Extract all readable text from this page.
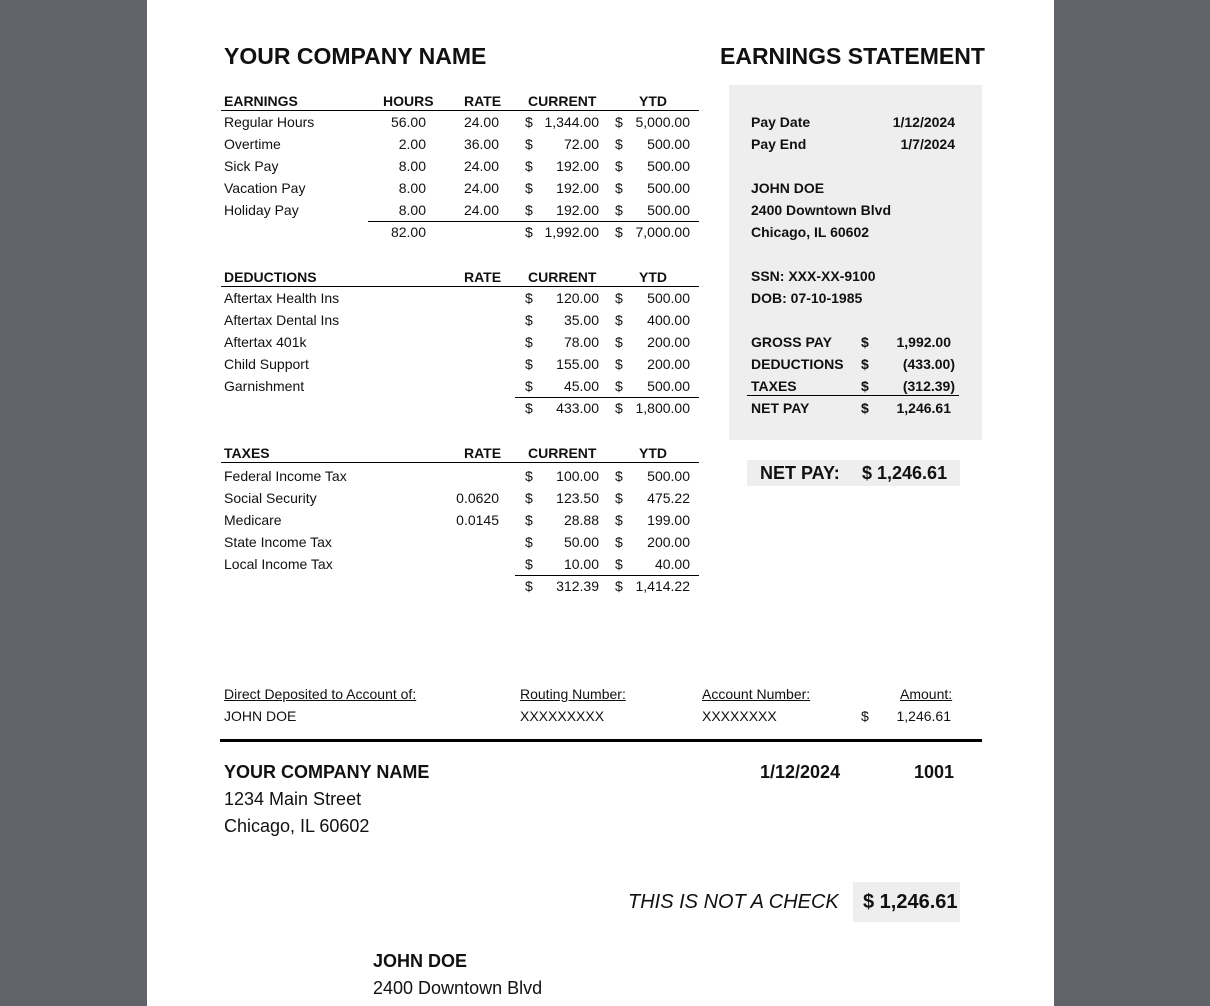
YOUR COMPANY NAME	EARNINGS STATEMENT
EARNINGS	HOURS RATE CURRENT	YTD
Regular Hours	56.00	24.00 $ 1,344.00 $ 5,000.00
Overtime	2.00	36.00 $	72.00 $	500.00
Sick Pay	8.00	24.00 $	192.00 $	500.00
Vacation Pay	8.00	24.00 $	192.00 $	500.00
Holiday Pay	8.00	24.00 $	192.00 $	500.00
82.00	$ 1,992.00 $ 7,000.00
DEDUCTIONS	RATE CURRENT	YTD
Aftertax Health Ins	$	120.00 $	500.00
Aftertax Dental Ins	$	35.00 $	400.00
Aftertax 401k	$	78.00 $	200.00
Child Support	$	155.00 $	200.00
Garnishment	$	45.00 $	500.00
$	433.00 $ 1,800.00
TAXES	RATE CURRENT	YTD
Federal Income Tax	$	100.00 $	500.00
Social Security	0.0620 $	123.50 $	475.22
Medicare	0.0145 $	28.88 $	199.00
State Income Tax	$	50.00 $	200.00
Local Income Tax	$	10.00 $	40.00
$	312.39 $ 1,414.22
Pay Date	1/12/2024
Pay End	1/7/2024
JOHN DOE
2400 Downtown Blvd
Chicago, IL 60602
SSN: XXX-XX-9100
DOB: 07-10-1985
GROSS PAY $	1,992.00
DEDUCTIONS $	(433.00)
TAXES	$	(312.39)
NET PAY	$	1,246.61
NET PAY: $ 1,246.61
Direct Deposited to Account of:	Routing Number:	Account Number:	Amount:
JOHN DOE	XXXXXXXXX	XXXXXXXX	$	1,246.61
YOUR COMPANY NAME
1234 Main Street
Chicago, IL 60602
1/12/2024	1001
THIS IS NOT A CHECK $ 1,246.61
JOHN DOE
2400 Downtown Blvd
